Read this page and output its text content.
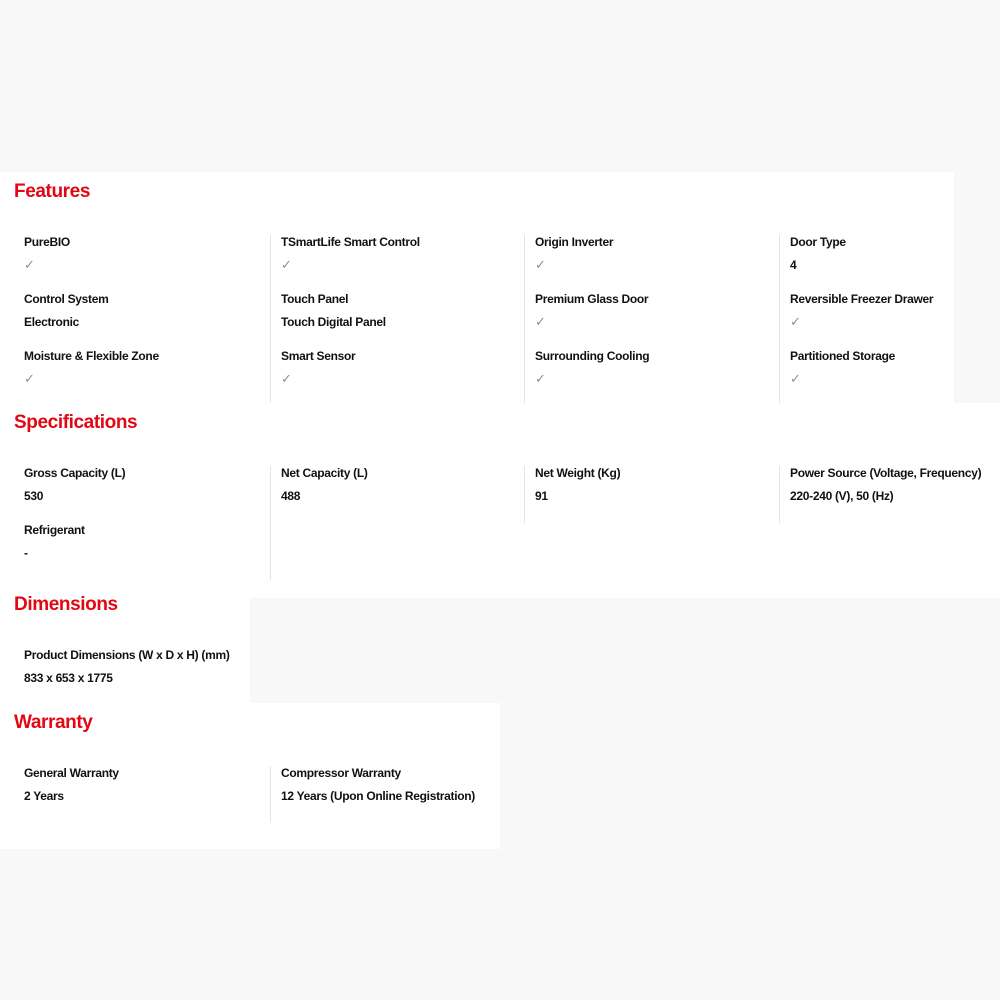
Features
PureBIO
✓
TSmartLife Smart Control
✓
Origin Inverter
✓
Door Type
4
Control System
Electronic
Touch Panel
Touch Digital Panel
Premium Glass Door
✓
Reversible Freezer Drawer
✓
Moisture & Flexible Zone
✓
Smart Sensor
✓
Surrounding Cooling
✓
Partitioned Storage
✓
Specifications
Gross Capacity (L)
530
Net Capacity (L)
488
Net Weight (Kg)
91
Power Source (Voltage, Frequency)
220-240 (V), 50 (Hz)
Refrigerant
-
Dimensions
Product Dimensions (W x D x H) (mm)
833 x 653 x 1775
Warranty
General Warranty
2 Years
Compressor Warranty
12 Years (Upon Online Registration)
